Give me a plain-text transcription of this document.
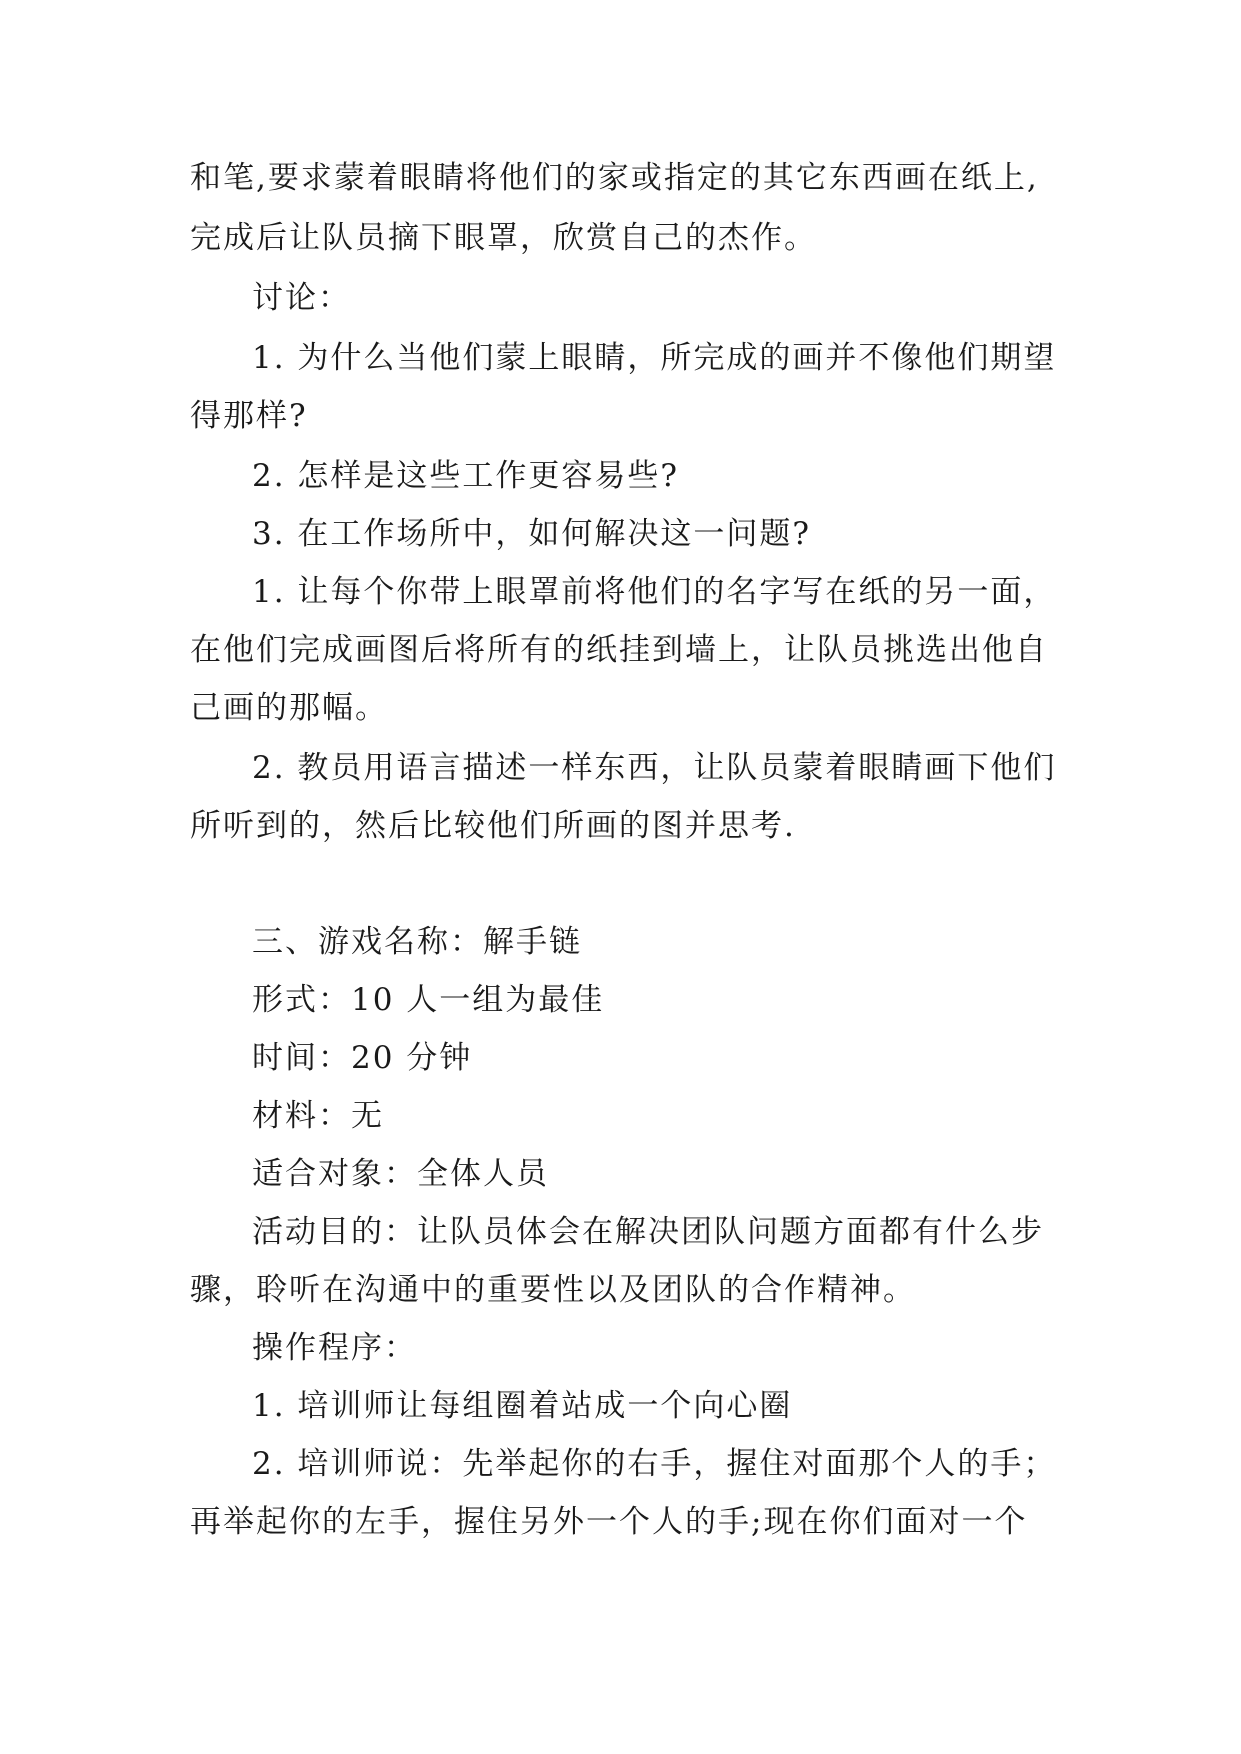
和笔,要求蒙着眼睛将他们的家或指定的其它东西画在纸上,
完成后让队员摘下眼罩，欣赏自己的杰作。
讨论：
1. 为什么当他们蒙上眼睛，所完成的画并不像他们期望
得那样?
2. 怎样是这些工作更容易些?
3. 在工作场所中，如何解决这一问题?
1. 让每个你带上眼罩前将他们的名字写在纸的另一面，
在他们完成画图后将所有的纸挂到墙上，让队员挑选出他自
己画的那幅。
2. 教员用语言描述一样东西，让队员蒙着眼睛画下他们
所听到的，然后比较他们所画的图并思考.
三、游戏名称：解手链
形式：10 人一组为最佳
时间：20 分钟
材料：无
适合对象：全体人员
活动目的：让队员体会在解决团队问题方面都有什么步
骤，聆听在沟通中的重要性以及团队的合作精神。
操作程序：
1. 培训师让每组圈着站成一个向心圈
2. 培训师说：先举起你的右手，握住对面那个人的手；
再举起你的左手，握住另外一个人的手;现在你们面对一个
